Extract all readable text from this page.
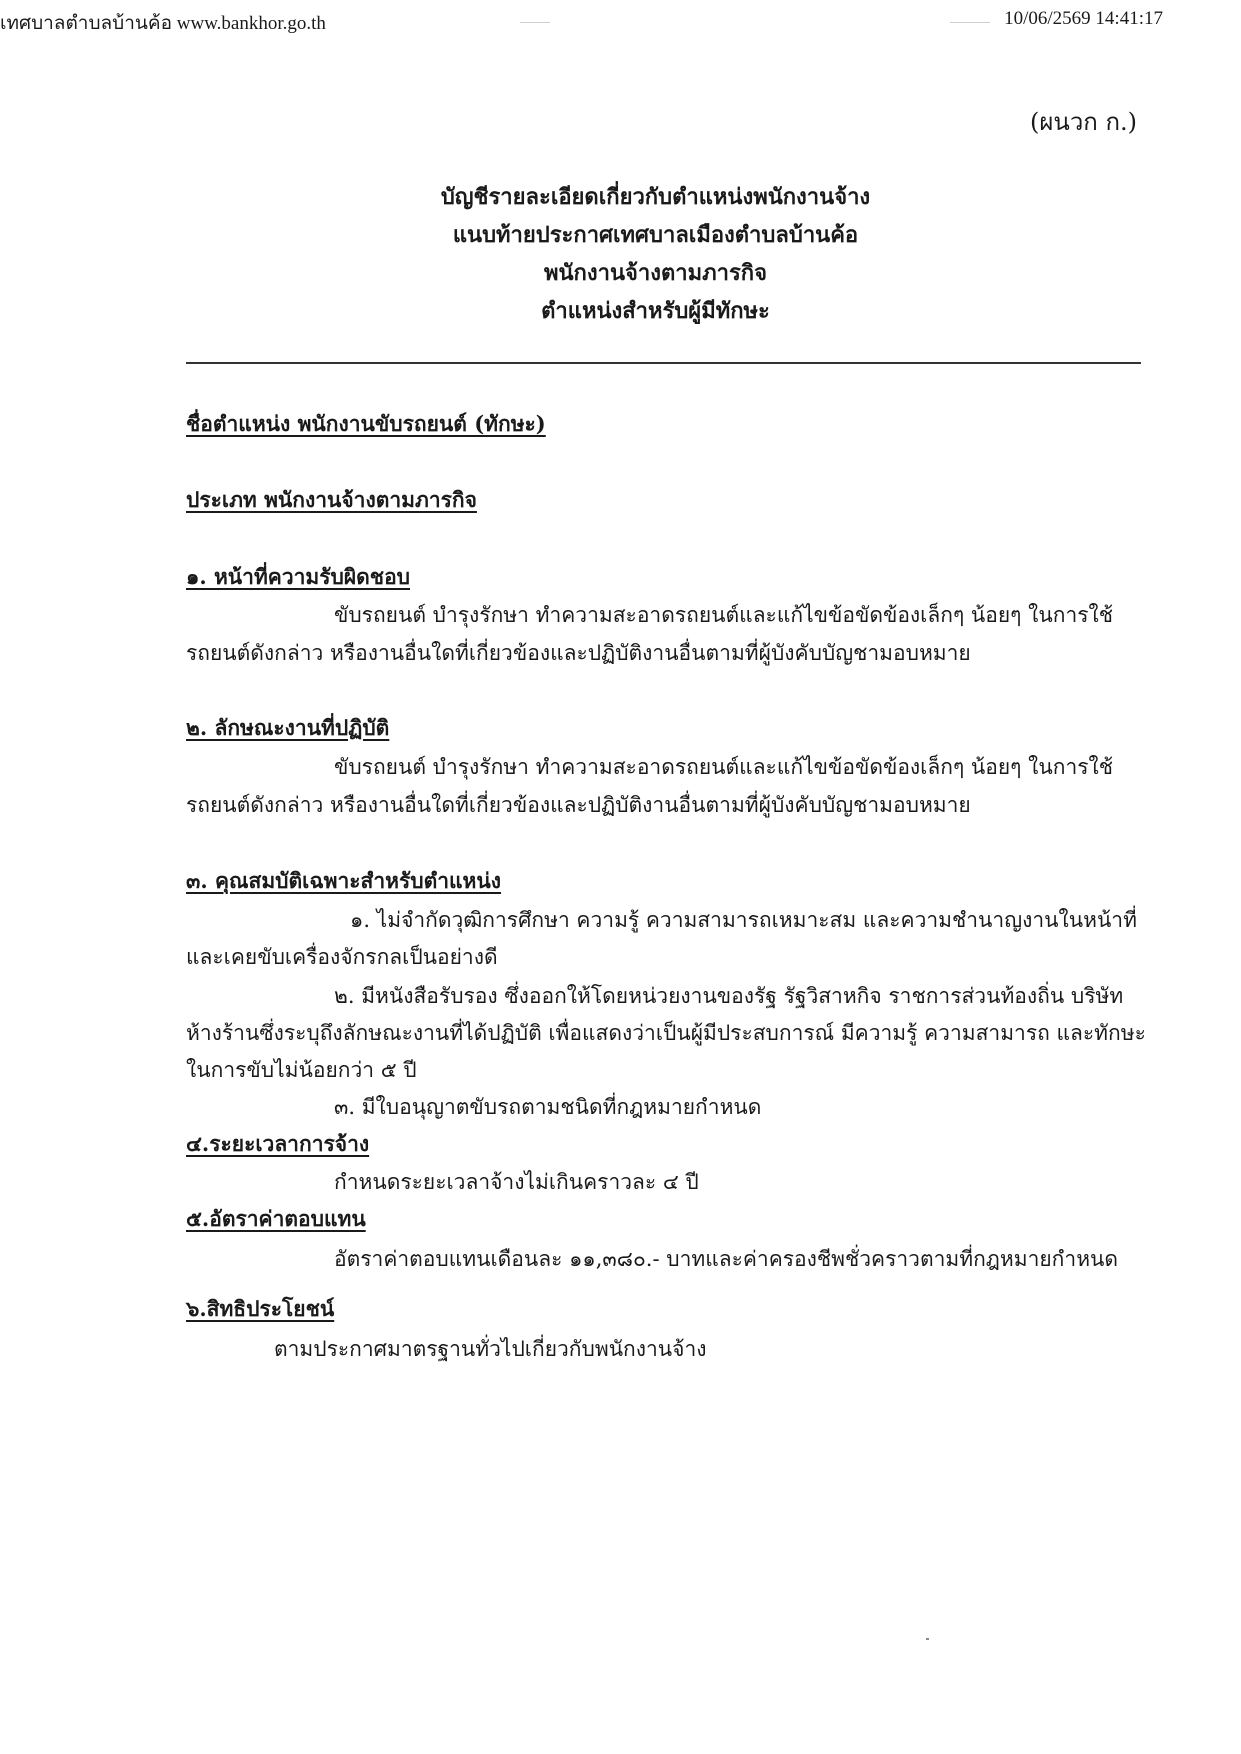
เทศบาลตำบลบ้านค้อ www.bankhor.go.th	10/06/2569 14:41:17
(ผนวก ก.)
บัญชีรายละเอียดเกี่ยวกับตำแหน่งพนักงานจ้าง
แนบท้ายประกาศเทศบาลเมืองตำบลบ้านค้อ
พนักงานจ้างตามภารกิจ
ตำแหน่งสำหรับผู้มีทักษะ
ชื่อตำแหน่ง พนักงานขับรถยนต์ (ทักษะ)
ประเภท พนักงานจ้างตามภารกิจ
๑. หน้าที่ความรับผิดชอบ
ขับรถยนต์ บำรุงรักษา ทำความสะอาดรถยนต์และแก้ไขข้อขัดข้องเล็กๆ น้อยๆ ในการใช้
รถยนต์ดังกล่าว หรืองานอื่นใดที่เกี่ยวข้องและปฏิบัติงานอื่นตามที่ผู้บังคับบัญชามอบหมาย
๒. ลักษณะงานที่ปฏิบัติ
ขับรถยนต์ บำรุงรักษา ทำความสะอาดรถยนต์และแก้ไขข้อขัดข้องเล็กๆ น้อยๆ ในการใช้
รถยนต์ดังกล่าว หรืองานอื่นใดที่เกี่ยวข้องและปฏิบัติงานอื่นตามที่ผู้บังคับบัญชามอบหมาย
๓. คุณสมบัติเฉพาะสำหรับตำแหน่ง
๑. ไม่จำกัดวุฒิการศึกษา ความรู้ ความสามารถเหมาะสม และความชำนาญงานในหน้าที่
และเคยขับเครื่องจักรกลเป็นอย่างดี
๒. มีหนังสือรับรอง ซึ่งออกให้โดยหน่วยงานของรัฐ รัฐวิสาหกิจ ราชการส่วนท้องถิ่น บริษัท
ห้างร้านซึ่งระบุถึงลักษณะงานที่ได้ปฏิบัติ เพื่อแสดงว่าเป็นผู้มีประสบการณ์ มีความรู้ ความสามารถ และทักษะ
ในการขับไม่น้อยกว่า ๕ ปี
๓. มีใบอนุญาตขับรถตามชนิดที่กฎหมายกำหนด
๔.ระยะเวลาการจ้าง
กำหนดระยะเวลาจ้างไม่เกินคราวละ ๔ ปี
๕.อัตราค่าตอบแทน
อัตราค่าตอบแทนเดือนละ ๑๑,๓๘๐.- บาทและค่าครองชีพชั่วคราวตามที่กฎหมายกำหนด
๖.สิทธิประโยชน์
ตามประกาศมาตรฐานทั่วไปเกี่ยวกับพนักงานจ้าง
